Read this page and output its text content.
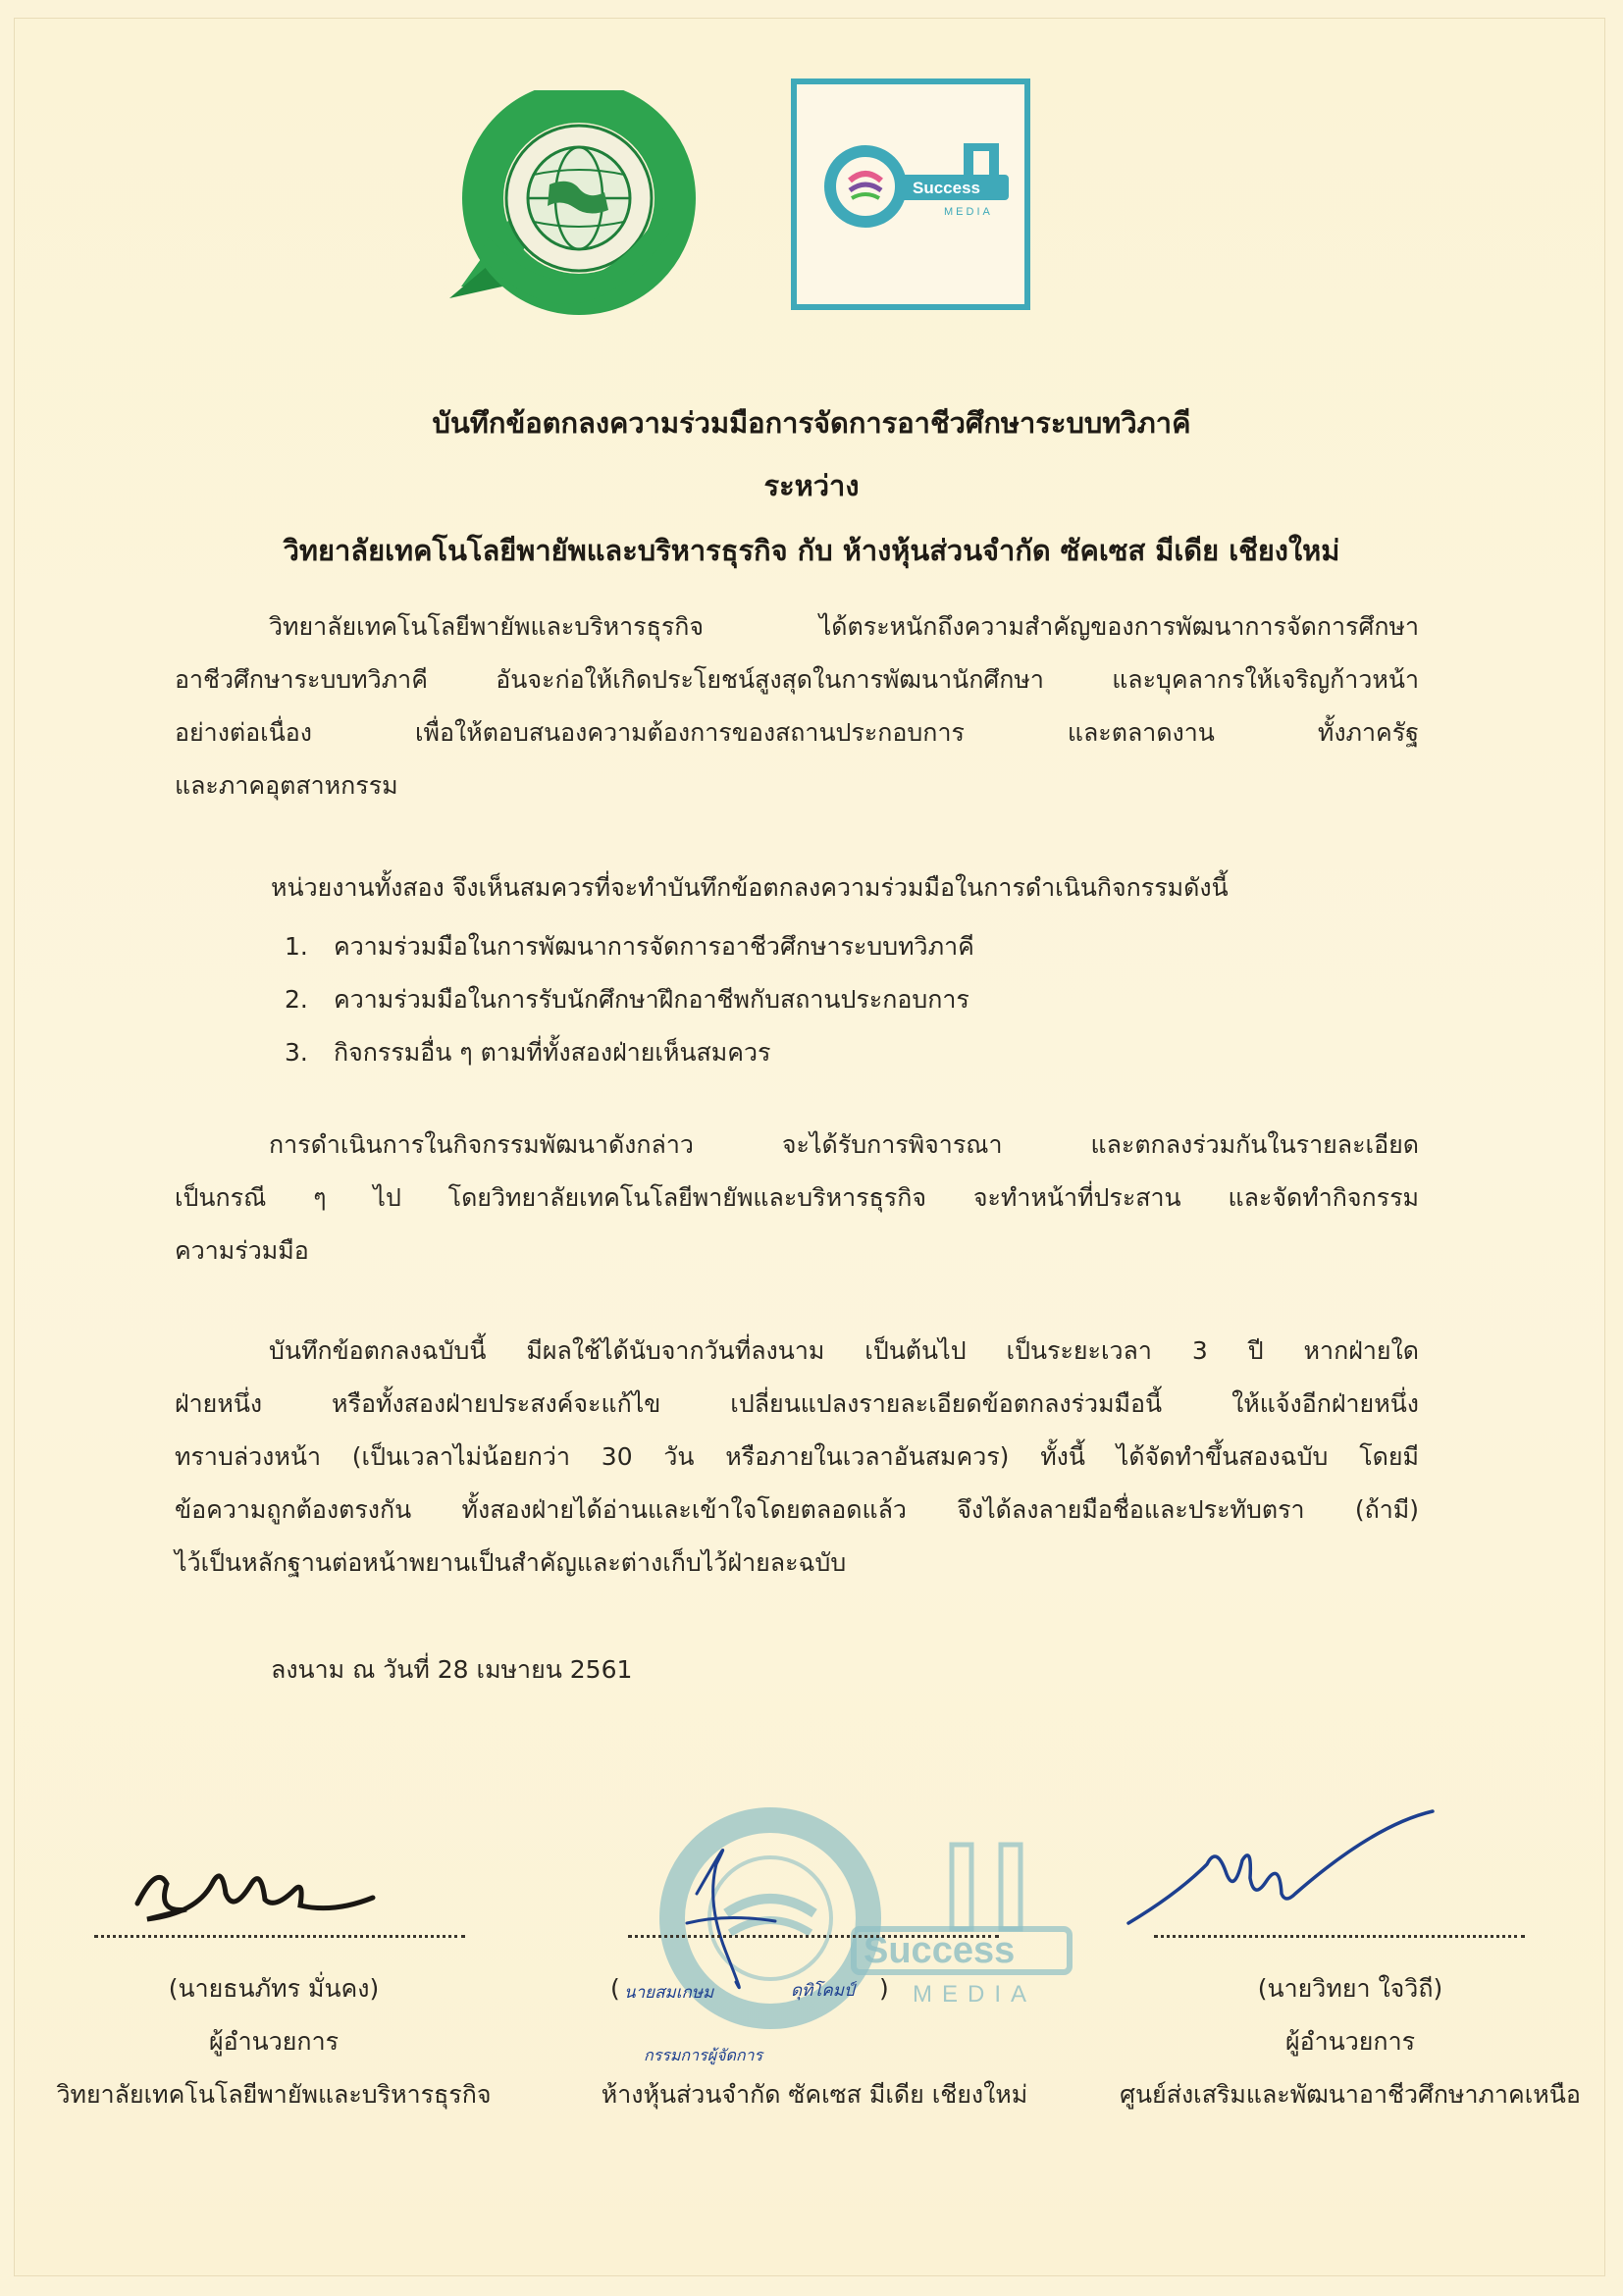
Success
MEDIA
บันทึกข้อตกลงความร่วมมือการจัดการอาชีวศึกษาระบบทวิภาคี
ระหว่าง
วิทยาลัยเทคโนโลยีพายัพและบริหารธุรกิจ กับ ห้างหุ้นส่วนจำกัด ซัคเซส มีเดีย เชียงใหม่
วิทยาลัยเทคโนโลยีพายัพและบริหารธุรกิจ ได้ตระหนักถึงความสำคัญของการพัฒนาการจัดการศึกษา
อาชีวศึกษาระบบทวิภาคี อันจะก่อให้เกิดประโยชน์สูงสุดในการพัฒนานักศึกษา และบุคลากรให้เจริญก้าวหน้า
อย่างต่อเนื่อง เพื่อให้ตอบสนองความต้องการของสถานประกอบการ และตลาดงาน ทั้งภาครัฐ
และภาคอุตสาหกรรม
หน่วยงานทั้งสอง จึงเห็นสมควรที่จะทำบันทึกข้อตกลงความร่วมมือในการดำเนินกิจกรรมดังนี้
1.	ความร่วมมือในการพัฒนาการจัดการอาชีวศึกษาระบบทวิภาคี
2.	ความร่วมมือในการรับนักศึกษาฝึกอาชีพกับสถานประกอบการ
3.	กิจกรรมอื่น ๆ ตามที่ทั้งสองฝ่ายเห็นสมควร
การดำเนินการในกิจกรรมพัฒนาดังกล่าว จะได้รับการพิจารณา และตกลงร่วมกันในรายละเอียด
เป็นกรณี ๆ ไป โดยวิทยาลัยเทคโนโลยีพายัพและบริหารธุรกิจ จะทำหน้าที่ประสาน และจัดทำกิจกรรม
ความร่วมมือ
บันทึกข้อตกลงฉบับนี้ มีผลใช้ได้นับจากวันที่ลงนาม เป็นต้นไป เป็นระยะเวลา 3 ปี หากฝ่ายใด
ฝ่ายหนึ่ง หรือทั้งสองฝ่ายประสงค์จะแก้ไข เปลี่ยนแปลงรายละเอียดข้อตกลงร่วมมือนี้ ให้แจ้งอีกฝ่ายหนึ่ง
ทราบล่วงหน้า (เป็นเวลาไม่น้อยกว่า 30 วัน หรือภายในเวลาอันสมควร) ทั้งนี้ ได้จัดทำขึ้นสองฉบับ โดยมี
ข้อความถูกต้องตรงกัน ทั้งสองฝ่ายได้อ่านและเข้าใจโดยตลอดแล้ว จึงได้ลงลายมือชื่อและประทับตรา (ถ้ามี)
ไว้เป็นหลักฐานต่อหน้าพยานเป็นสำคัญและต่างเก็บไว้ฝ่ายละฉบับ
ลงนาม ณ วันที่ 28 เมษายน 2561
Success
MEDIA
(นายธนภัทร มั่นคง)
ผู้อำนวยการ
วิทยาลัยเทคโนโลยีพายัพและบริหารธุรกิจ
( นายสมเกษม	ดุทิโคมป์ )
กรรมการผู้จัดการ
ห้างหุ้นส่วนจำกัด ซัคเซส มีเดีย เชียงใหม่
(นายวิทยา ใจวิถี)
ผู้อำนวยการ
ศูนย์ส่งเสริมและพัฒนาอาชีวศึกษาภาคเหนือ
